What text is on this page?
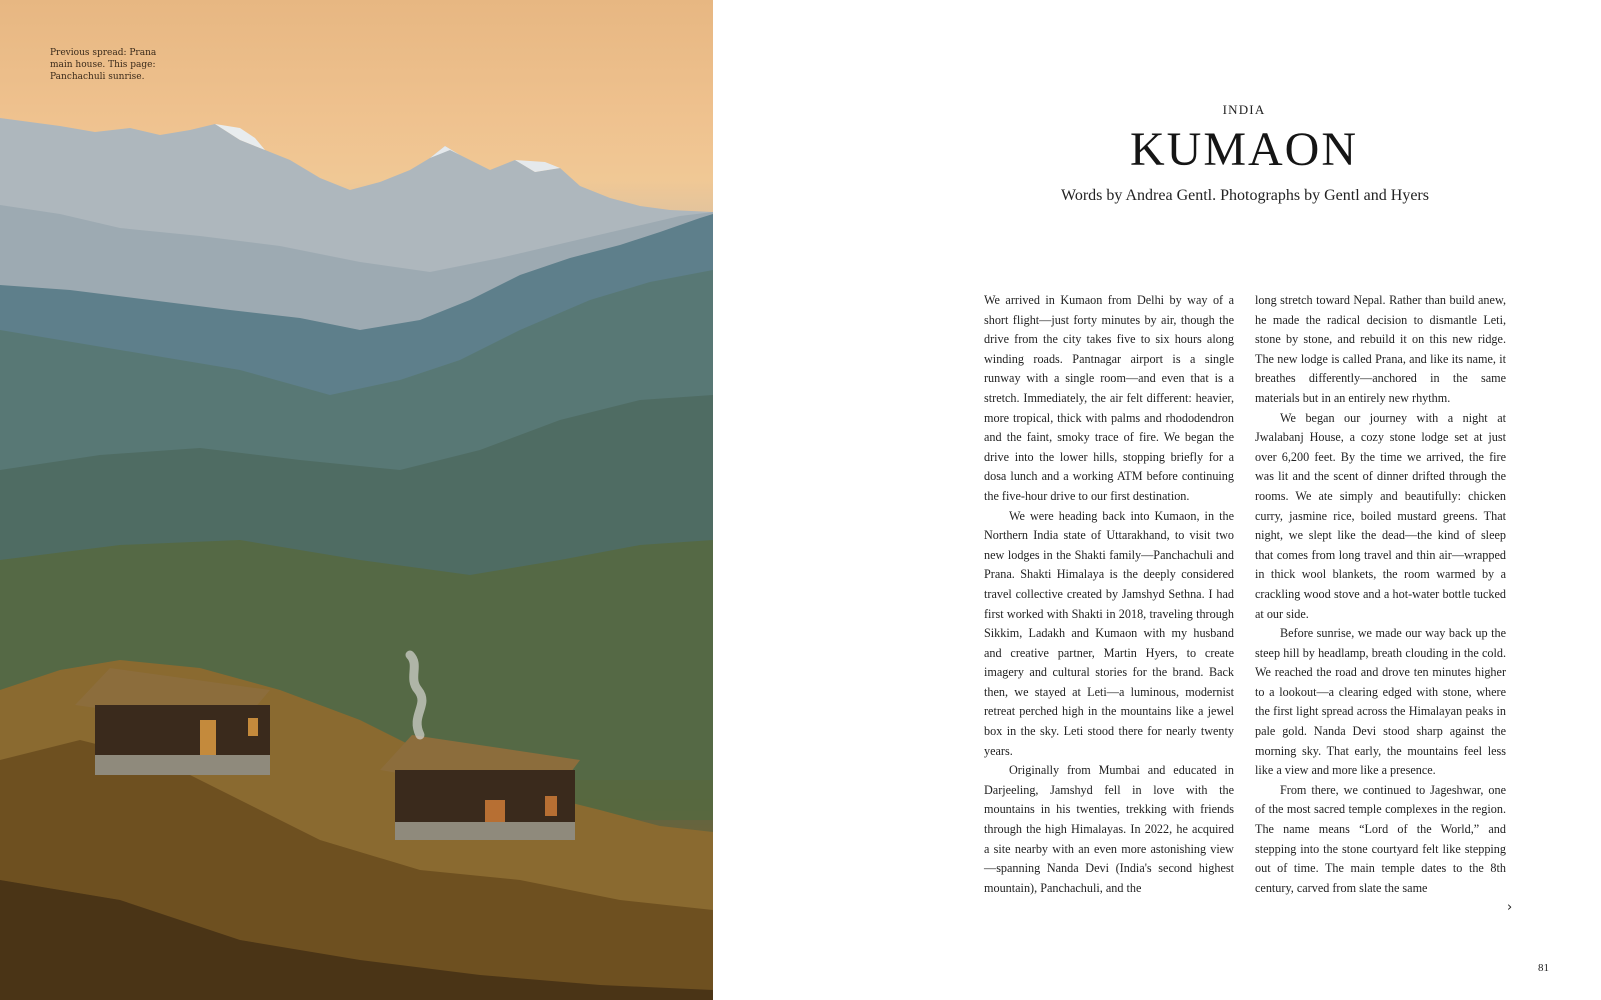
Previous spread: Prana main house. This page: Panchachuli sunrise.
INDIA
KUMAON
Words by Andrea Gentl. Photographs by Gentl and Hyers

We arrived in Kumaon from Delhi by way of a short flight—just forty minutes by air, though the drive from the city takes five to six hours along winding roads. Pantnagar airport is a single runway with a single room—and even that is a stretch. Immediately, the air felt different: heavier, more tropical, thick with palms and rhododendron and the faint, smoky trace of fire. We began the drive into the lower hills, stopping briefly for a dosa lunch and a working ATM before continuing the five-hour drive to our first destination.

We were heading back into Kumaon, in the Northern India state of Uttarakhand, to visit two new lodges in the Shakti family—Panchachuli and Prana. Shakti Himalaya is the deeply considered travel collective created by Jamshyd Sethna. I had first worked with Shakti in 2018, traveling through Sikkim, Ladakh and Kumaon with my husband and creative partner, Martin Hyers, to create imagery and cultural stories for the brand. Back then, we stayed at Leti—a luminous, modernist retreat perched high in the mountains like a jewel box in the sky. Leti stood there for nearly twenty years.

Originally from Mumbai and educated in Darjeeling, Jamshyd fell in love with the mountains in his twenties, trekking with friends through the high Himalayas. In 2022, he acquired a site nearby with an even more astonishing view—spanning Nanda Devi (India's second highest mountain), Panchachuli, and the

long stretch toward Nepal. Rather than build anew, he made the radical decision to dismantle Leti, stone by stone, and rebuild it on this new ridge. The new lodge is called Prana, and like its name, it breathes differently—anchored in the same materials but in an entirely new rhythm.

We began our journey with a night at Jwalabanj House, a cozy stone lodge set at just over 6,200 feet. By the time we arrived, the fire was lit and the scent of dinner drifted through the rooms. We ate simply and beautifully: chicken curry, jasmine rice, boiled mustard greens. That night, we slept like the dead—the kind of sleep that comes from long travel and thin air—wrapped in thick wool blankets, the room warmed by a crackling wood stove and a hot-water bottle tucked at our side.

Before sunrise, we made our way back up the steep hill by headlamp, breath clouding in the cold. We reached the road and drove ten minutes higher to a lookout—a clearing edged with stone, where the first light spread across the Himalayan peaks in pale gold. Nanda Devi stood sharp against the morning sky. That early, the mountains feel less like a view and more like a presence.

From there, we continued to Jageshwar, one of the most sacred temple complexes in the region. The name means “Lord of the World,” and stepping into the stone courtyard felt like stepping out of time. The main temple dates to the 8th century, carved from slate the same

›
81
